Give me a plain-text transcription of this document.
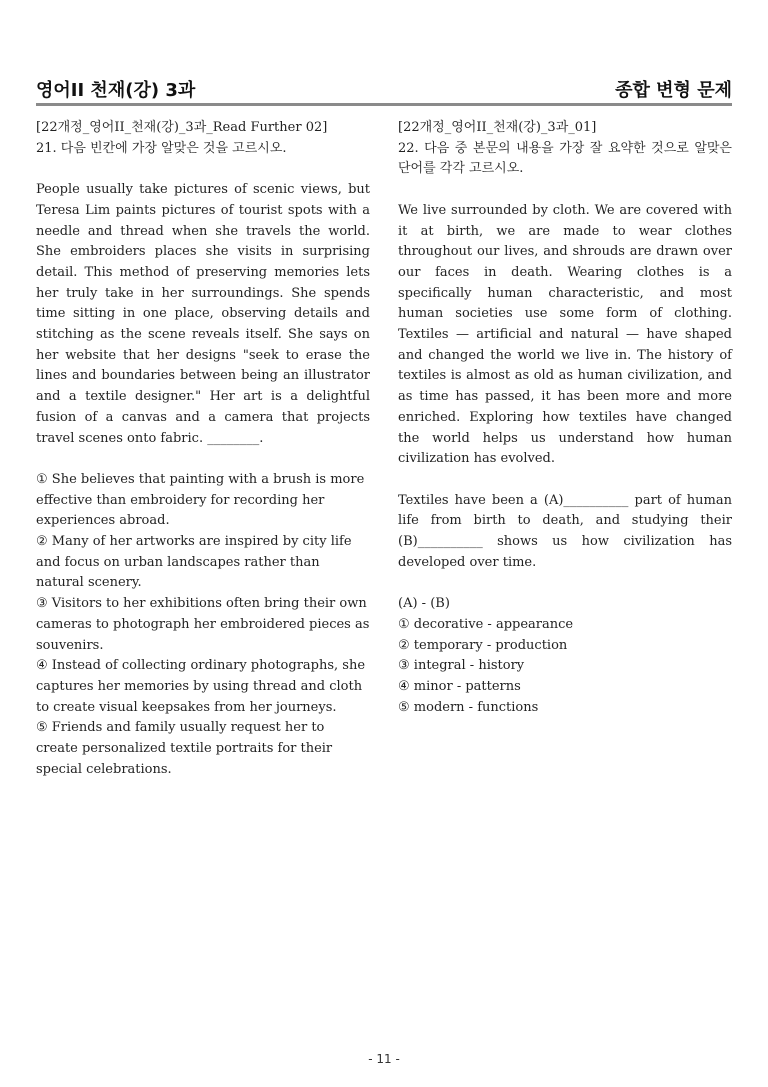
영어II 천재(강) 3과	종합 변형 문제

[22개정_영어II_천재(강)_3과_Read Further 02]

21. 다음 빈칸에 가장 알맞은 것을 고르시오.

People usually take pictures of scenic views, but Teresa Lim paints pictures of tourist spots with a needle and thread when she travels the world. She embroiders places she visits in surprising detail. This method of preserving memories lets her truly take in her surroundings. She spends time sitting in one place, observing details and stitching as the scene reveals itself. She says on her website that her designs "seek to erase the lines and boundaries between being an illustrator and a textile designer." Her art is a delightful fusion of a canvas and a camera that projects travel scenes onto fabric. ________.

① She believes that painting with a brush is more effective than embroidery for recording her experiences abroad.

② Many of her artworks are inspired by city life and focus on urban landscapes rather than natural scenery.

③ Visitors to her exhibitions often bring their own cameras to photograph her embroidered pieces as souvenirs.

④ Instead of collecting ordinary photographs, she captures her memories by using thread and cloth to create visual keepsakes from her journeys.

⑤ Friends and family usually request her to create personalized textile portraits for their special celebrations.

[22개정_영어II_천재(강)_3과_01]

22. 다음 중 본문의 내용을 가장 잘 요약한 것으로 알맞은 단어를 각각 고르시오.

We live surrounded by cloth. We are covered with it at birth, we are made to wear clothes throughout our lives, and shrouds are drawn over our faces in death. Wearing clothes is a specifically human characteristic, and most human societies use some form of clothing. Textiles — artificial and natural — have shaped and changed the world we live in. The history of textiles is almost as old as human civilization, and as time has passed, it has been more and more enriched. Exploring how textiles have changed the world helps us understand how human civilization has evolved.

Textiles have been a (A)__________ part of human life from birth to death, and studying their (B)__________ shows us how civilization has developed over time.

(A) - (B)

① decorative - appearance

② temporary - production

③ integral - history

④ minor - patterns

⑤ modern - functions

- 11 -
